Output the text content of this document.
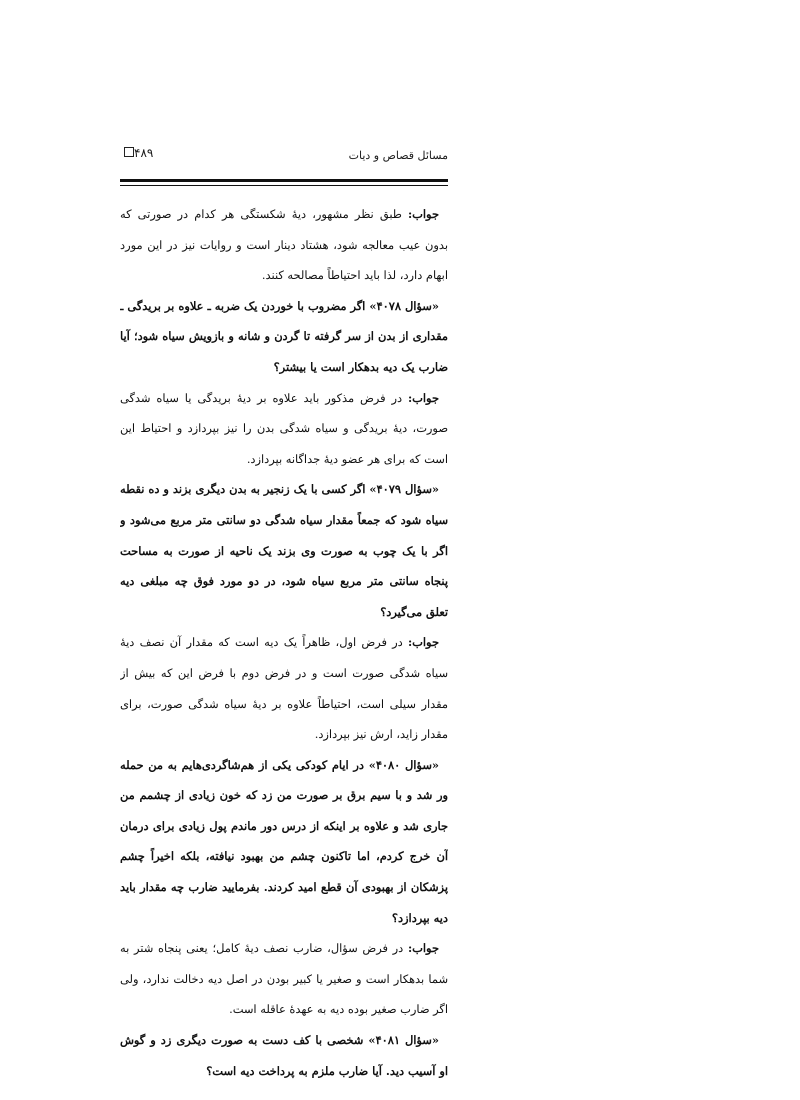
مسائل قصاص و دیات
۴۸۹

جواب: طبق نظر مشهور، دیهٔ شکستگی هر کدام در صورتی که بدون عیب معالجه شود، هشتاد دینار است و روایات نیز در این مورد ابهام دارد، لذا باید احتیاطاً مصالحه کنند.

«سؤال ۴۰۷۸» اگر مضروب با خوردن یک ضربه ـ علاوه بر بریدگی ـ مقداری از بدن از سر گرفته تا گردن و شانه و بازویش سیاه شود؛ آیا ضارب یک دیه بدهکار است یا بیشتر؟

جواب: در فرض مذکور باید علاوه بر دیهٔ بریدگی یا سیاه شدگی صورت، دیهٔ بریدگی و سیاه شدگی بدن را نیز بپردازد و احتیاط این است که برای هر عضو دیهٔ جداگانه بپردازد.

«سؤال ۴۰۷۹» اگر کسی با یک زنجیر به بدن دیگری بزند و ده نقطه سیاه شود که جمعاً مقدار سیاه شدگی دو سانتی متر مربع می‌شود و اگر با یک چوب به صورت وی بزند یک ناحیه از صورت به مساحت پنجاه سانتی متر مربع سیاه شود، در دو مورد فوق چه مبلغی دیه تعلق می‌گیرد؟

جواب: در فرض اول، ظاهراً یک دیه است که مقدار آن نصف دیهٔ سیاه شدگی صورت است و در فرض دوم با فرض این که بیش از مقدار سیلی است، احتیاطاً علاوه بر دیهٔ سیاه شدگی صورت، برای مقدار زاید، ارش نیز بپردازد.

«سؤال ۴۰۸۰» در ایام کودکی یکی از هم‌شاگردی‌هایم به من حمله ور شد و با سیم برق بر صورت من زد که خون زیادی از چشمم من جاری شد و علاوه بر اینکه از درس دور ماندم پول زیادی برای درمان آن خرج کردم، اما تاکنون چشم من بهبود نیافته، بلکه اخیراً چشم پزشکان از بهبودی آن قطع امید کردند. بفرمایید ضارب چه مقدار باید دیه بپردازد؟

جواب: در فرض سؤال، ضارب نصف دیهٔ کامل؛ یعنی پنجاه شتر به شما بدهکار است و صغیر یا کبیر بودن در اصل دیه دخالت ندارد، ولی اگر ضارب صغیر بوده دیه به عهدهٔ عاقله است.

«سؤال ۴۰۸۱» شخصی با کف دست به صورت دیگری زد و گوش او آسیب دید. آیا ضارب ملزم به پرداخت دیه است؟
